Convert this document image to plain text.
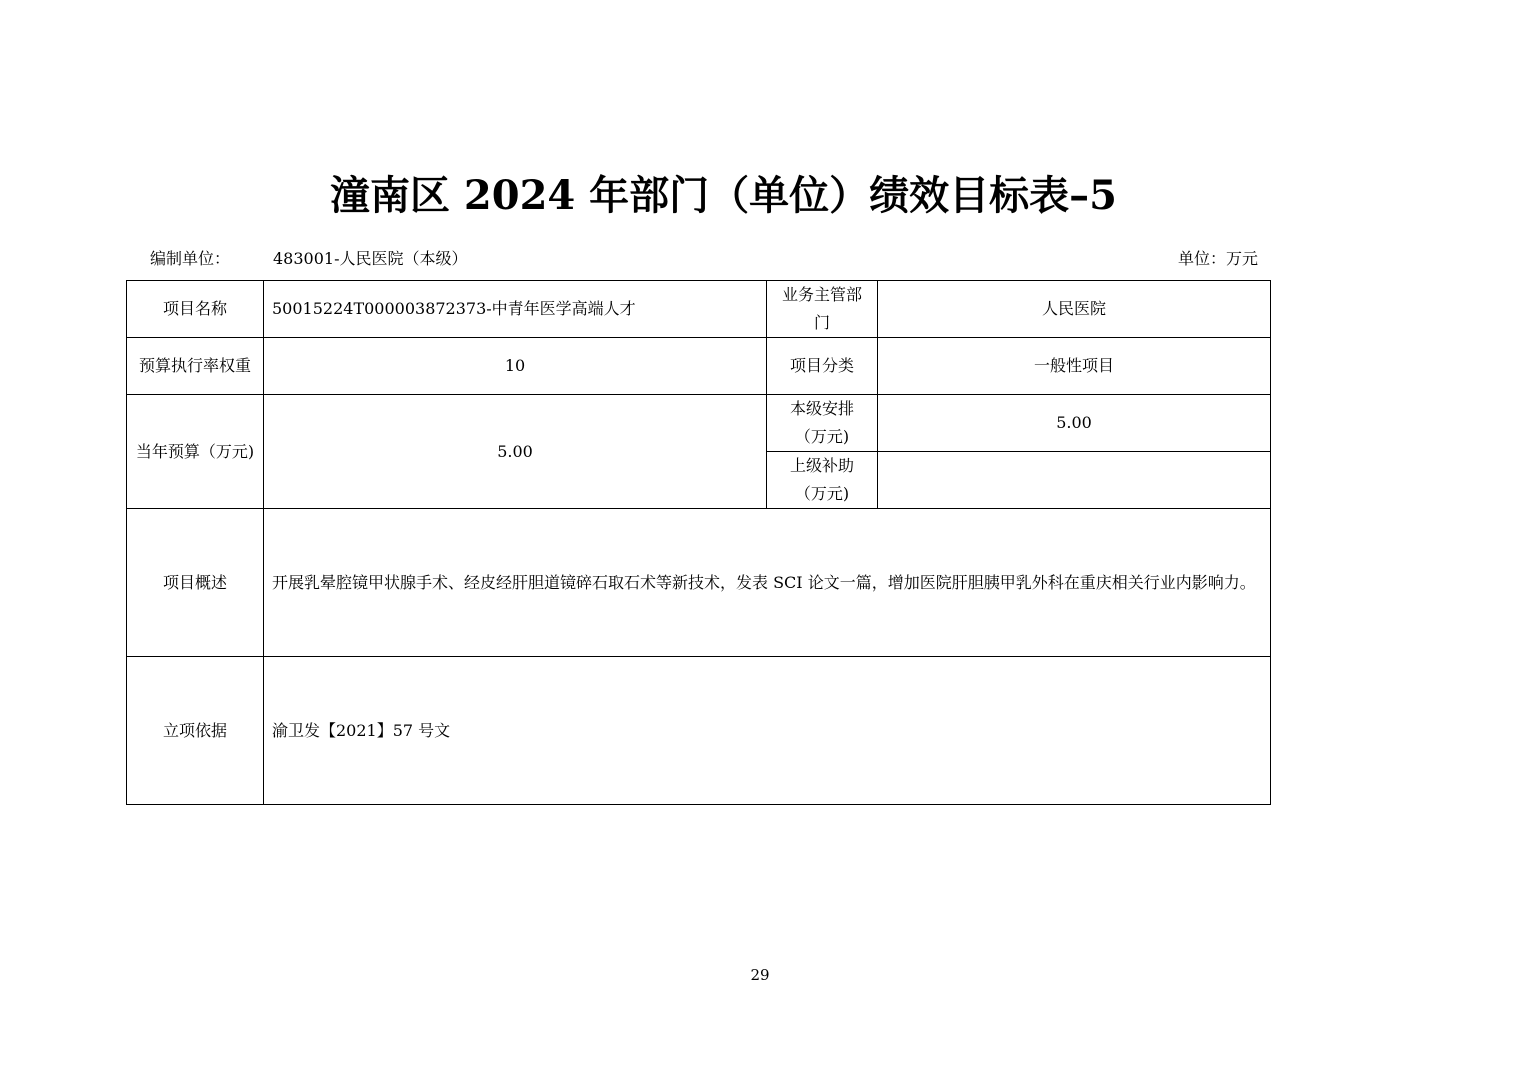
潼南区 2024 年部门（单位）绩效目标表–5
编制单位：	483001-人民医院（本级）	单位：万元
项目名称	50015224T000003872373-中青年医学高端人才	业务主管部门	人民医院
预算执行率权重	10	项目分类	一般性项目
当年预算（万元)	5.00	本级安排（万元)	5.00
		上级补助（万元)	
项目概述	开展乳晕腔镜甲状腺手术、经皮经肝胆道镜碎石取石术等新技术，发表 SCI 论文一篇，增加医院肝胆胰甲乳外科在重庆相关行业内影响力。		
立项依据	渝卫发【2021】57 号文		
29
